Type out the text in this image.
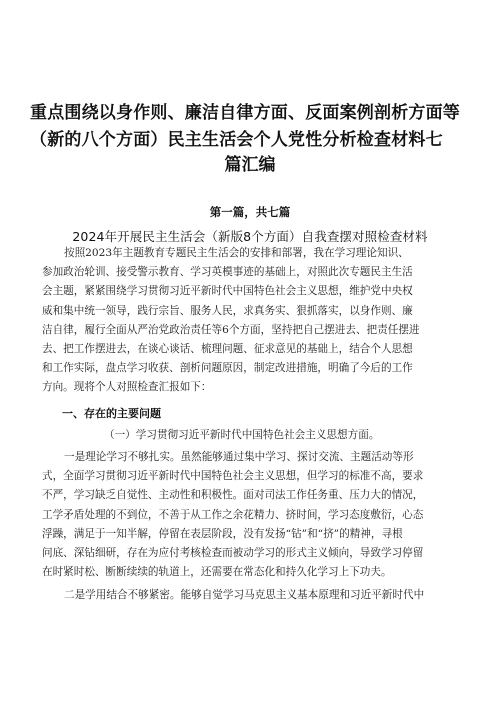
重点围绕以身作则、廉洁自律方面、反面案例剖析方面等
（新的八个方面）民主生活会个人党性分析检查材料七
篇汇编
第一篇，共七篇
2024年开展民主生活会（新版8个方面）自我查摆对照检查材料
按照2023年主题教育专题民主生活会的安排和部署，我在学习理论知识、
参加政治轮训、接受警示教育、学习英模事迹的基础上，对照此次专题民主生活
会主题，紧紧围绕学习贯彻习近平新时代中国特色社会主义思想，维护党中央权
威和集中统一领导，践行宗旨、服务人民，求真务实、狠抓落实，以身作则、廉
洁自律，履行全面从严治党政治责任等6个方面，坚持把自己摆进去、把责任摆进
去、把工作摆进去，在谈心谈话、梳理问题、征求意见的基础上，结合个人思想
和工作实际，盘点学习收获、剖析问题原因，制定改进措施，明确了今后的工作
方向。现将个人对照检查汇报如下：
一、存在的主要问题
（一）学习贯彻习近平新时代中国特色社会主义思想方面。
一是理论学习不够扎实。虽然能够通过集中学习、探讨交流、主题活动等形
式，全面学习贯彻习近平新时代中国特色社会主义思想，但学习的标准不高，要求
不严，学习缺乏自觉性、主动性和积极性。面对司法工作任务重、压力大的情况，
工学矛盾处理的不到位，不善于从工作之余花精力、挤时间，学习态度敷衍，心态
浮躁，满足于一知半解，停留在表层阶段，没有发扬“钻”和“挤”的精神，寻根
问底、深钻细研，存在为应付考核检查而被动学习的形式主义倾向，导致学习停留
在时紧时松、断断续续的轨道上，还需要在常态化和持久化学习上下功夫。
二是学用结合不够紧密。能够自觉学习马克思主义基本原理和习近平新时代中
